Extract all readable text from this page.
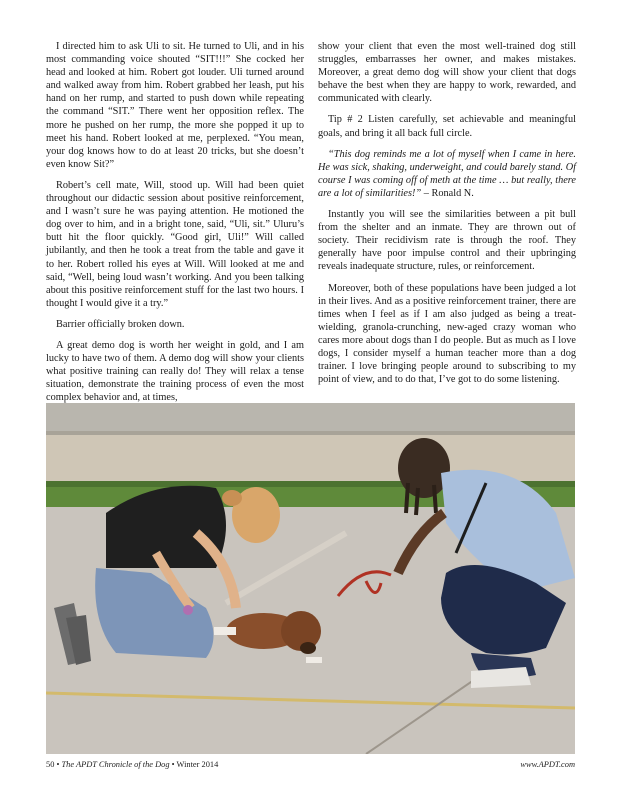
I directed him to ask Uli to sit. He turned to Uli, and in his most commanding voice shouted “SIT!!!” She cocked her head and looked at him. Robert got louder. Uli turned around and walked away from him. Robert grabbed her leash, put his hand on her rump, and started to push down while repeating the command “SIT.” There went her opposition reflex. The more he pushed on her rump, the more she popped it up to meet his hand. Robert looked at me, perplexed. “You mean, your dog knows how to do at least 20 tricks, but she doesn’t even know Sit?”

Robert’s cell mate, Will, stood up. Will had been quiet throughout our didactic session about positive reinforcement, and I wasn’t sure he was paying attention. He motioned the dog over to him, and in a bright tone, said, “Uli, sit.” Uluru’s butt hit the floor quickly. “Good girl, Uli!” Will called jubilantly, and then he took a treat from the table and gave it to her. Robert rolled his eyes at Will. Will looked at me and said, “Well, being loud wasn’t working. And you been talking about this positive reinforcement stuff for the last two hours. I thought I would give it a try.”

Barrier officially broken down.

A great demo dog is worth her weight in gold, and I am lucky to have two of them. A demo dog will show your clients what positive training can really do! They will relax a tense situation, demonstrate the training process of even the most complex behavior and, at times,

show your client that even the most well-trained dog still struggles, embarrasses her owner, and makes mistakes. Moreover, a great demo dog will show your client that dogs behave the best when they are happy to work, rewarded, and communicated with clearly.

Tip # 2 Listen carefully, set achievable and meaningful goals, and bring it all back full circle.

“This dog reminds me a lot of myself when I came in here. He was sick, shaking, underweight, and could barely stand. Of course I was coming off of meth at the time … but really, there are a lot of similarities!” – Ronald N.

Instantly you will see the similarities between a pit bull from the shelter and an inmate. They are thrown out of society. Their recidivism rate is through the roof. They generally have poor impulse control and their upbringing reveals inadequate structure, rules, or reinforcement.

Moreover, both of these populations have been judged a lot in their lives. And as a positive reinforcement trainer, there are times when I feel as if I am also judged as being a treat-wielding, granola-crunching, new-aged crazy woman who cares more about dogs than I do people. But as much as I love dogs, I consider myself a human teacher more than a dog trainer. I love bringing people around to subscribing to my point of view, and to do that, I’ve got to do some listening.

50 • The APDT Chronicle of the Dog • Winter 2014	www.APDT.com
